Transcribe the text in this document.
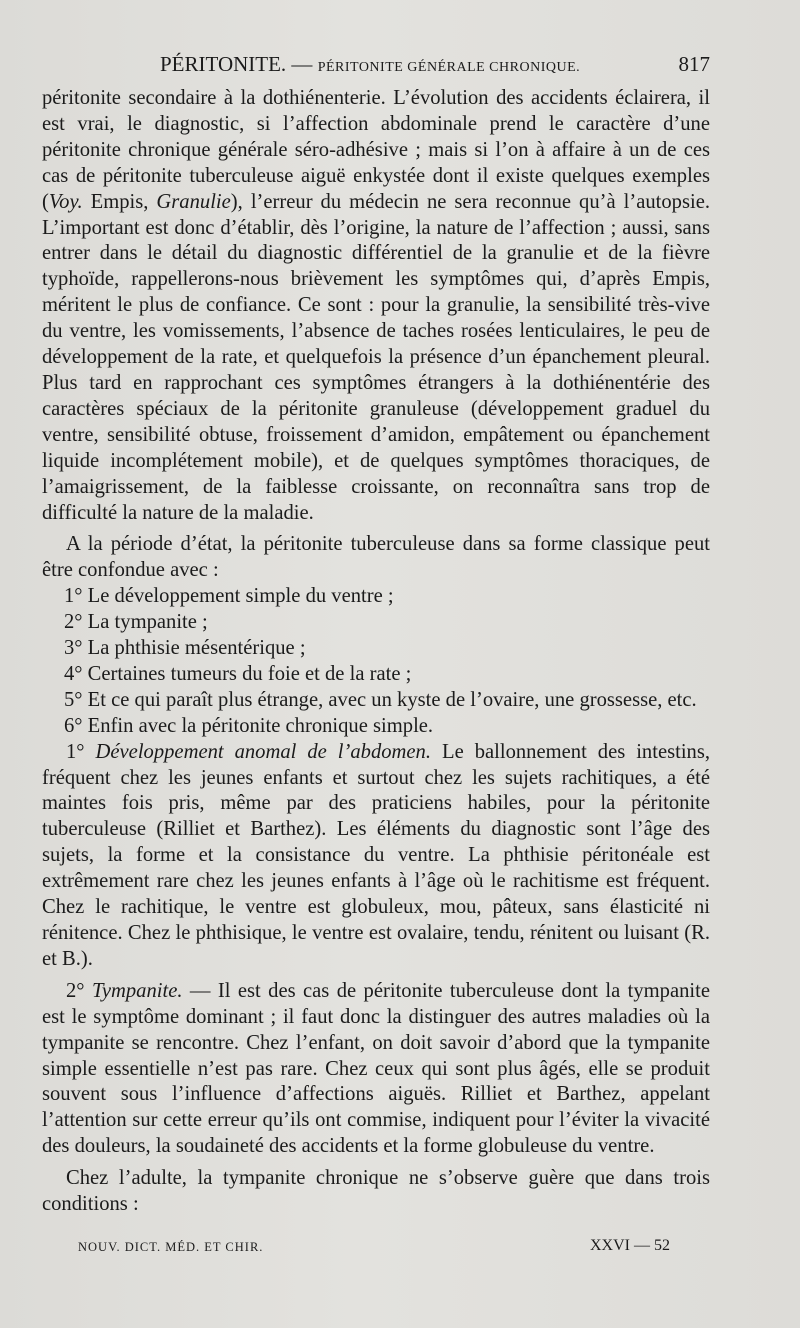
PÉRITONITE. — PÉRITONITE GÉNÉRALE CHRONIQUE.	817

péritonite secondaire à la dothiénenterie. L’évolution des accidents éclairera, il est vrai, le diagnostic, si l’affection abdominale prend le caractère d’une péritonite chronique générale séro-adhésive ; mais si l’on à affaire à un de ces cas de péritonite tuberculeuse aiguë enkystée dont il existe quelques exemples (Voy. Empis, Granulie), l’erreur du médecin ne sera reconnue qu’à l’autopsie. L’important est donc d’établir, dès l’origine, la nature de l’affection ; aussi, sans entrer dans le détail du diagnostic différentiel de la granulie et de la fièvre typhoïde, rappellerons-nous brièvement les symptômes qui, d’après Empis, méritent le plus de confiance. Ce sont : pour la granulie, la sensibilité très-vive du ventre, les vomissements, l’absence de taches rosées lenticulaires, le peu de développement de la rate, et quelquefois la présence d’un épanchement pleural. Plus tard en rapprochant ces symptômes étrangers à la dothiénentérie des caractères spéciaux de la péritonite granuleuse (développement graduel du ventre, sensibilité obtuse, froissement d’amidon, empâtement ou épanchement liquide incomplétement mobile), et de quelques symptômes thoraciques, de l’amaigrissement, de la faiblesse croissante, on reconnaîtra sans trop de difficulté la nature de la maladie.

A la période d’état, la péritonite tuberculeuse dans sa forme classique peut être confondue avec :

1° Le développement simple du ventre ;

2° La tympanite ;

3° La phthisie mésentérique ;

4° Certaines tumeurs du foie et de la rate ;

5° Et ce qui paraît plus étrange, avec un kyste de l’ovaire, une grossesse, etc.

6° Enfin avec la péritonite chronique simple.

1° Développement anomal de l’abdomen. Le ballonnement des intestins, fréquent chez les jeunes enfants et surtout chez les sujets rachitiques, a été maintes fois pris, même par des praticiens habiles, pour la péritonite tuberculeuse (Rilliet et Barthez). Les éléments du diagnostic sont l’âge des sujets, la forme et la consistance du ventre. La phthisie péritonéale est extrêmement rare chez les jeunes enfants à l’âge où le rachitisme est fréquent. Chez le rachitique, le ventre est globuleux, mou, pâteux, sans élasticité ni rénitence. Chez le phthisique, le ventre est ovalaire, tendu, rénitent ou luisant (R. et B.).

2° Tympanite. — Il est des cas de péritonite tuberculeuse dont la tympanite est le symptôme dominant ; il faut donc la distinguer des autres maladies où la tympanite se rencontre. Chez l’enfant, on doit savoir d’abord que la tympanite simple essentielle n’est pas rare. Chez ceux qui sont plus âgés, elle se produit souvent sous l’influence d’affections aiguës. Rilliet et Barthez, appelant l’attention sur cette erreur qu’ils ont commise, indiquent pour l’éviter la vivacité des douleurs, la soudaineté des accidents et la forme globuleuse du ventre.

Chez l’adulte, la tympanite chronique ne s’observe guère que dans trois conditions :

NOUV. DICT. MÉD. ET CHIR.	XXVI — 52
